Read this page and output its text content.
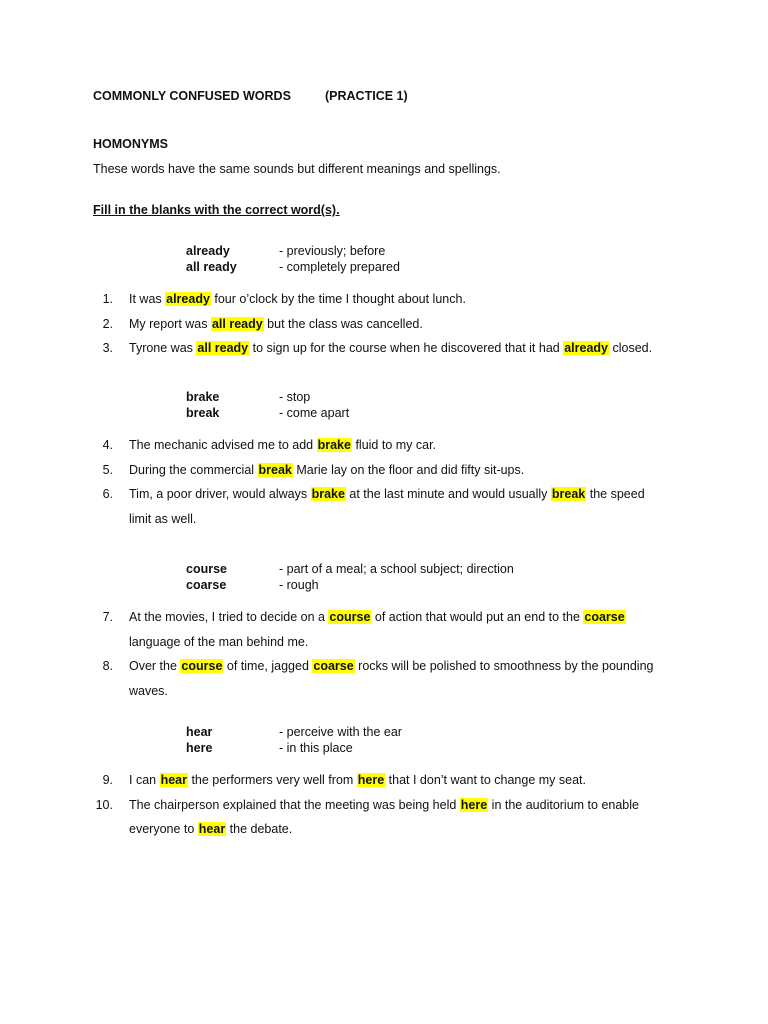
COMMONLY CONFUSED WORDS	(PRACTICE 1)
HOMONYMS
These words have the same sounds but different meanings and spellings.
Fill in the blanks with the correct word(s).
already	- previously; before
all ready	- completely prepared
1. It was already four o’clock by the time I thought about lunch.
2. My report was all ready but the class was cancelled.
3. Tyrone was all ready to sign up for the course when he discovered that it had already closed.
brake	- stop
break	- come apart
4. The mechanic advised me to add brake fluid to my car.
5. During the commercial break Marie lay on the floor and did fifty sit-ups.
6. Tim, a poor driver, would always brake at the last minute and would usually break the speed
limit as well.
course	- part of a meal; a school subject; direction
coarse	- rough
7. At the movies, I tried to decide on a course of action that would put an end to the coarse
language of the man behind me.
8. Over the course of time, jagged coarse rocks will be polished to smoothness by the pounding
waves.
hear	- perceive with the ear
here	- in this place
9. I can hear the performers very well from here that I don’t want to change my seat.
10. The chairperson explained that the meeting was being held here in the auditorium to enable
everyone to hear the debate.
